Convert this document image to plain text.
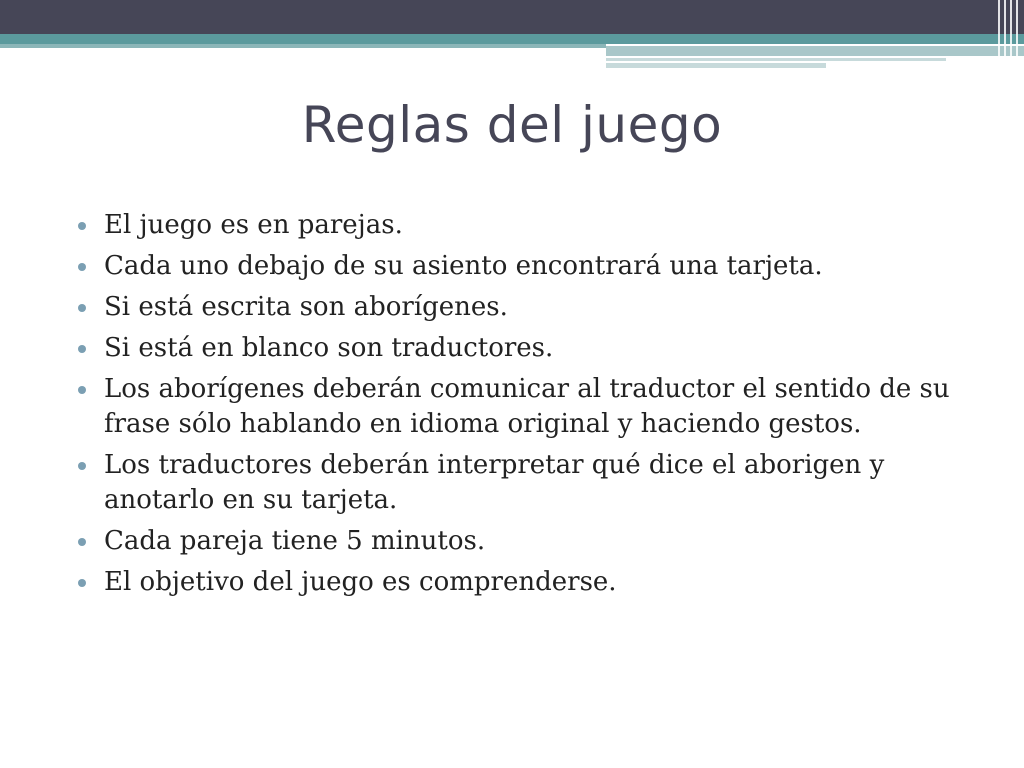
Reglas del juego
El juego es en parejas.
Cada uno debajo de su asiento encontrará una tarjeta.
Si está escrita son aborígenes.
Si está en blanco son traductores.
Los aborígenes deberán comunicar al traductor el sentido de su frase sólo hablando en idioma original y haciendo gestos.
Los traductores deberán interpretar qué dice el aborigen y anotarlo en su tarjeta.
Cada pareja tiene 5 minutos.
El objetivo del juego es comprenderse.
